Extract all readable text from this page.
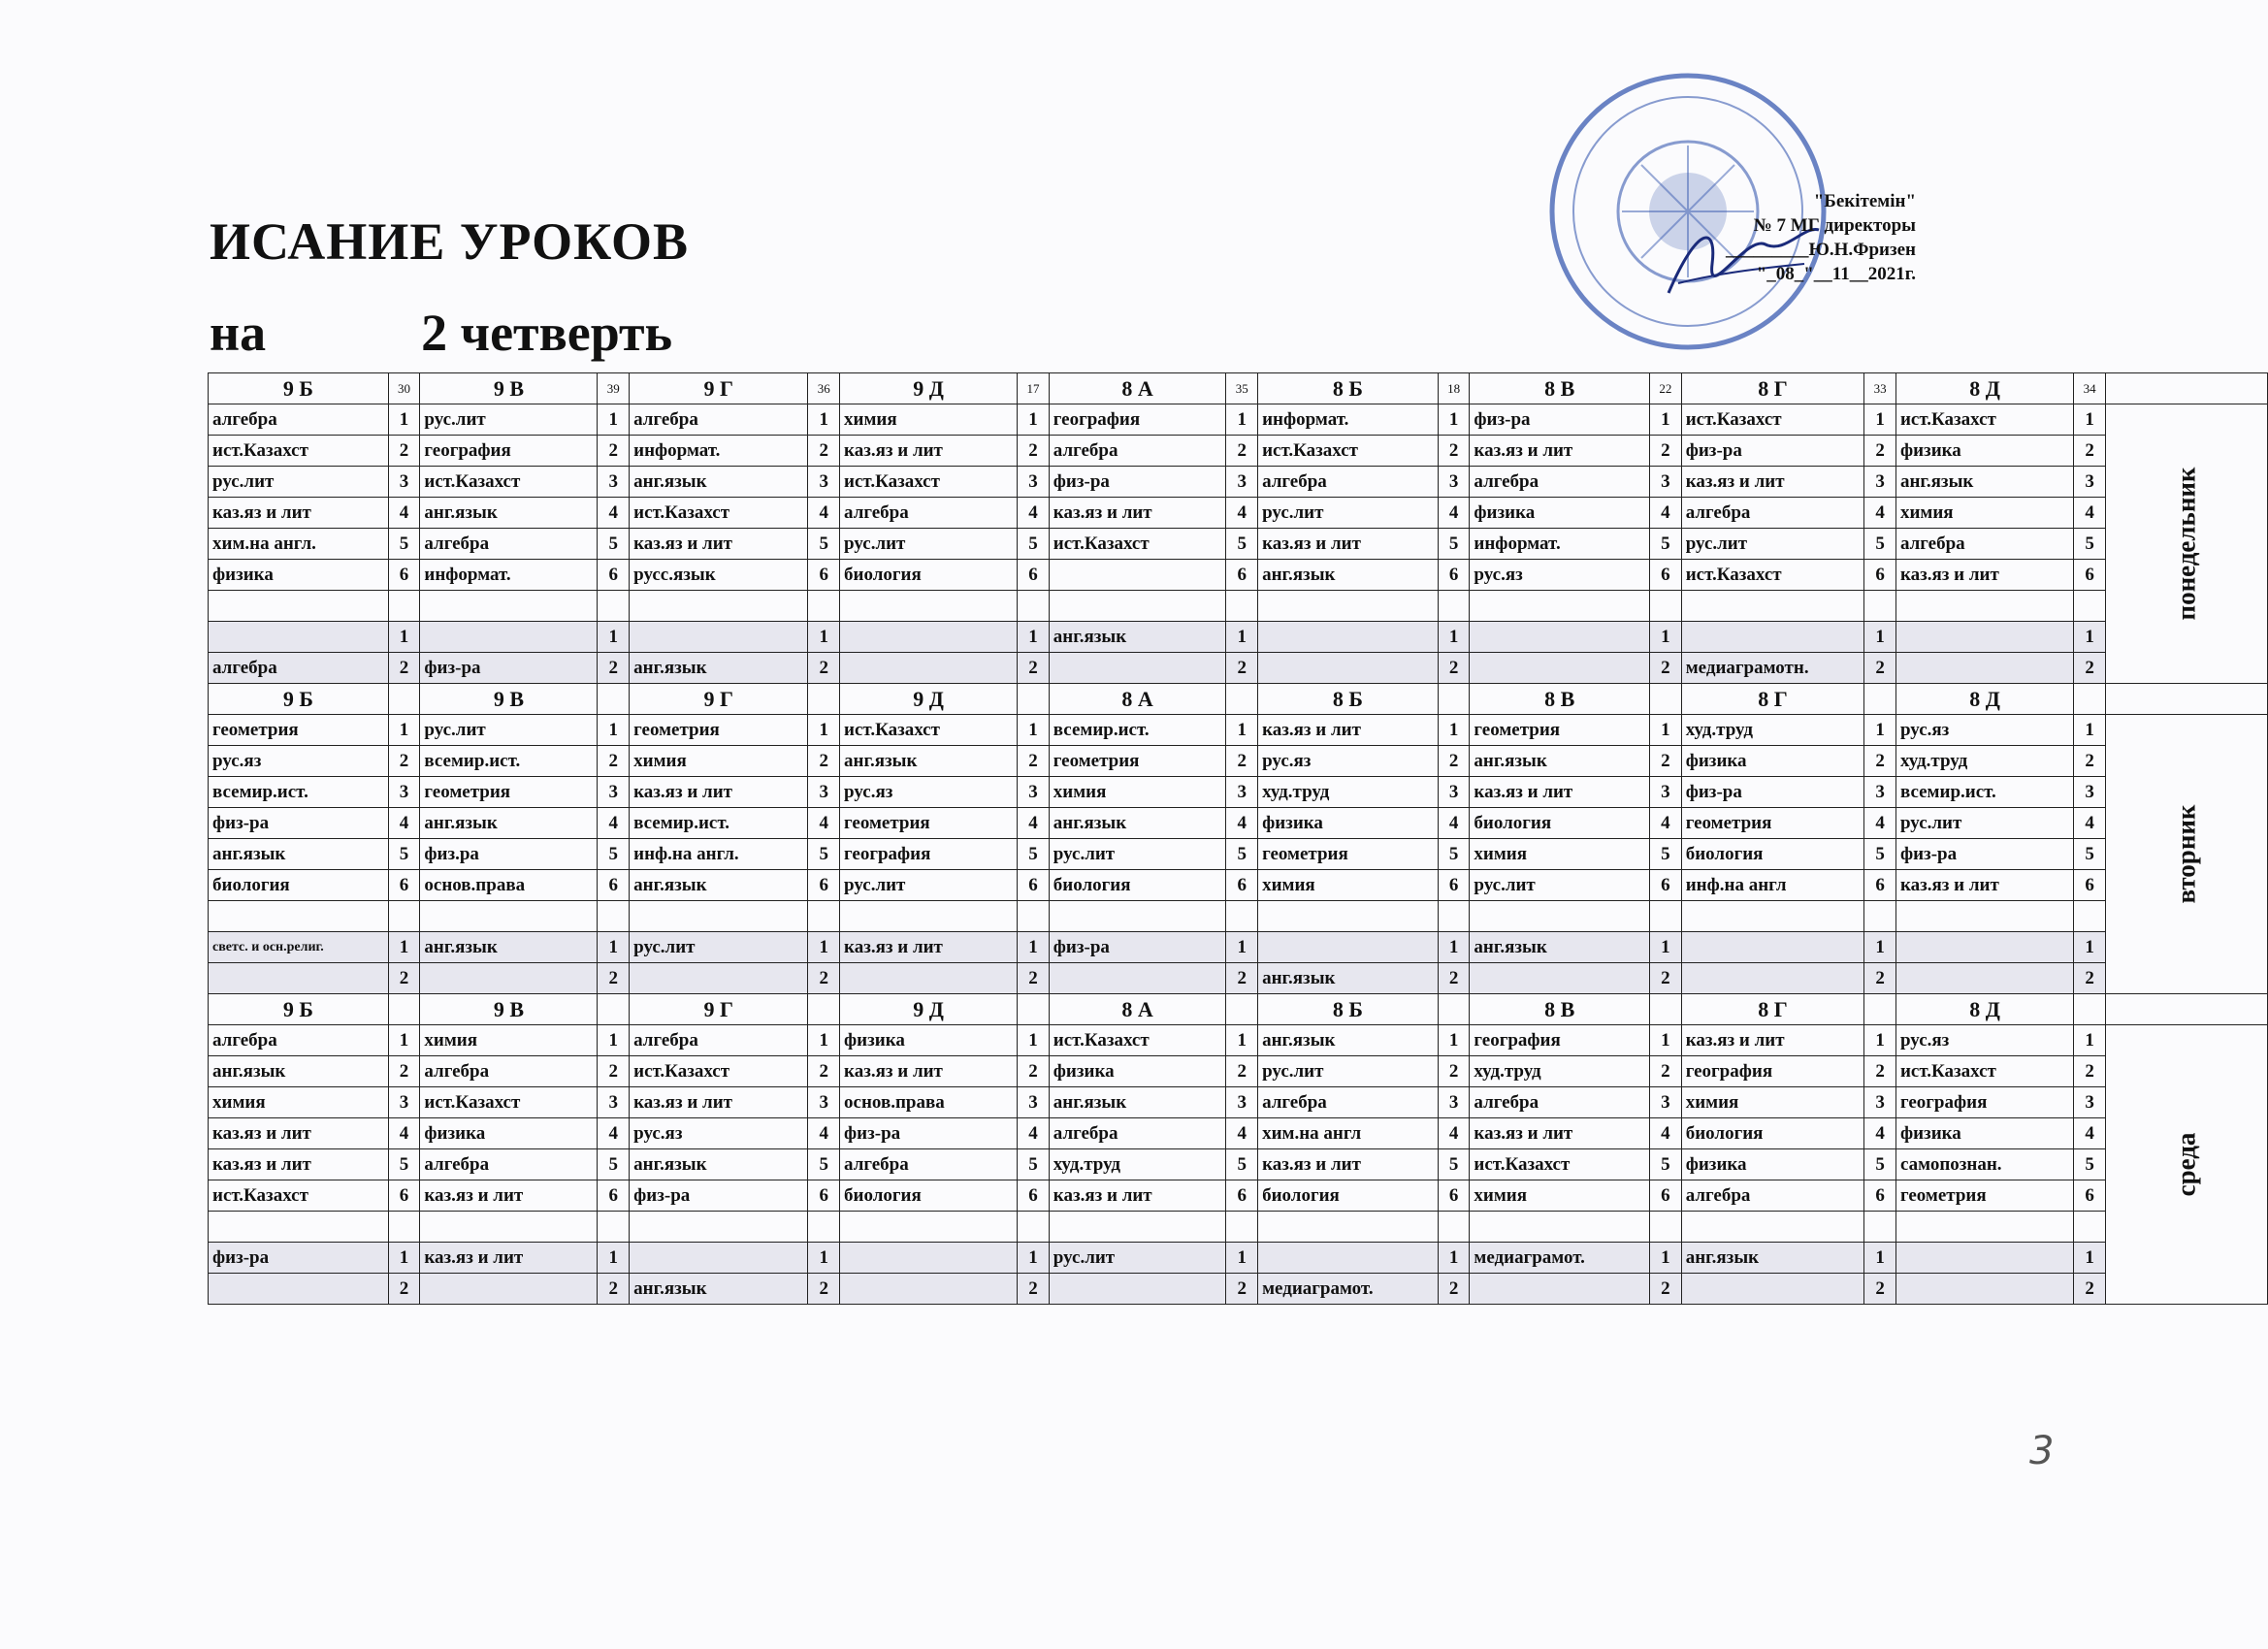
ИСАНИЕ УРОКОВ
на	2 четверть
"Бекітемін"
№ 7 МГ директоры
_________Ю.Н.Фризен
"_08_"__11__2021г.
9 Б	30	9 В	39	9 Г	36	9 Д	17	8 А	35	8 Б	18	8 В	22	8 Г	33	8 Д	34	
алгебра	1	рус.лит	1	алгебра	1	химия	1	география	1	информат.	1	физ-ра	1	ист.Казахст	1	ист.Казахст	1	понедельник
ист.Казахст	2	география	2	информат.	2	каз.яз и лит	2	алгебра	2	ист.Казахст	2	каз.яз и лит	2	физ-ра	2	физика	2	
рус.лит	3	ист.Казахст	3	анг.язык	3	ист.Казахст	3	физ-ра	3	алгебра	3	алгебра	3	каз.яз и лит	3	анг.язык	3	
каз.яз и лит	4	анг.язык	4	ист.Казахст	4	алгебра	4	каз.яз и лит	4	рус.лит	4	физика	4	алгебра	4	химия	4	
хим.на англ.	5	алгебра	5	каз.яз и лит	5	рус.лит	5	ист.Казахст	5	каз.яз и лит	5	информат.	5	рус.лит	5	алгебра	5	
физика	6	информат.	6	русс.язык	6	биология	6		6	анг.язык	6	рус.яз	6	ист.Казахст	6	каз.яз и лит	6	

	1		1		1		1	анг.язык	1		1		1		1		1	
алгебра	2	физ-ра	2	анг.язык	2		2		2		2		2	медиаграмотн.	2		2	
9 Б		9 В		9 Г		9 Д		8 А		8 Б		8 В		8 Г		8 Д		
геометрия	1	рус.лит	1	геометрия	1	ист.Казахст	1	всемир.ист.	1	каз.яз и лит	1	геометрия	1	худ.труд	1	рус.яз	1	вторник
рус.яз	2	всемир.ист.	2	химия	2	анг.язык	2	геометрия	2	рус.яз	2	анг.язык	2	физика	2	худ.труд	2	
всемир.ист.	3	геометрия	3	каз.яз и лит	3	рус.яз	3	химия	3	худ.труд	3	каз.яз и лит	3	физ-ра	3	всемир.ист.	3	
физ-ра	4	анг.язык	4	всемир.ист.	4	геометрия	4	анг.язык	4	физика	4	биология	4	геометрия	4	рус.лит	4	
анг.язык	5	физ.ра	5	инф.на англ.	5	география	5	рус.лит	5	геометрия	5	химия	5	биология	5	физ-ра	5	
биология	6	основ.права	6	анг.язык	6	рус.лит	6	биология	6	химия	6	рус.лит	6	инф.на англ	6	каз.яз и лит	6	

светс. и осн.религ.	1	анг.язык	1	рус.лит	1	каз.яз и лит	1	физ-ра	1		1	анг.язык	1		1		1	
	2		2		2		2		2	анг.язык	2		2		2		2	
9 Б		9 В		9 Г		9 Д		8 А		8 Б		8 В		8 Г		8 Д		
алгебра	1	химия	1	алгебра	1	физика	1	ист.Казахст	1	анг.язык	1	география	1	каз.яз и лит	1	рус.яз	1	среда
анг.язык	2	алгебра	2	ист.Казахст	2	каз.яз и лит	2	физика	2	рус.лит	2	худ.труд	2	география	2	ист.Казахст	2	
химия	3	ист.Казахст	3	каз.яз и лит	3	основ.права	3	анг.язык	3	алгебра	3	алгебра	3	химия	3	география	3	
каз.яз и лит	4	физика	4	рус.яз	4	физ-ра	4	алгебра	4	хим.на англ	4	каз.яз и лит	4	биология	4	физика	4	
каз.яз и лит	5	алгебра	5	анг.язык	5	алгебра	5	худ.труд	5	каз.яз и лит	5	ист.Казахст	5	физика	5	самопознан.	5	
ист.Казахст	6	каз.яз и лит	6	физ-ра	6	биология	6	каз.яз и лит	6	биология	6	химия	6	алгебра	6	геометрия	6	

физ-ра	1	каз.яз и лит	1		1		1	рус.лит	1		1	медиаграмот.	1	анг.язык	1		1	
	2		2	анг.язык	2		2		2	медиаграмот.	2		2		2		2	
3
